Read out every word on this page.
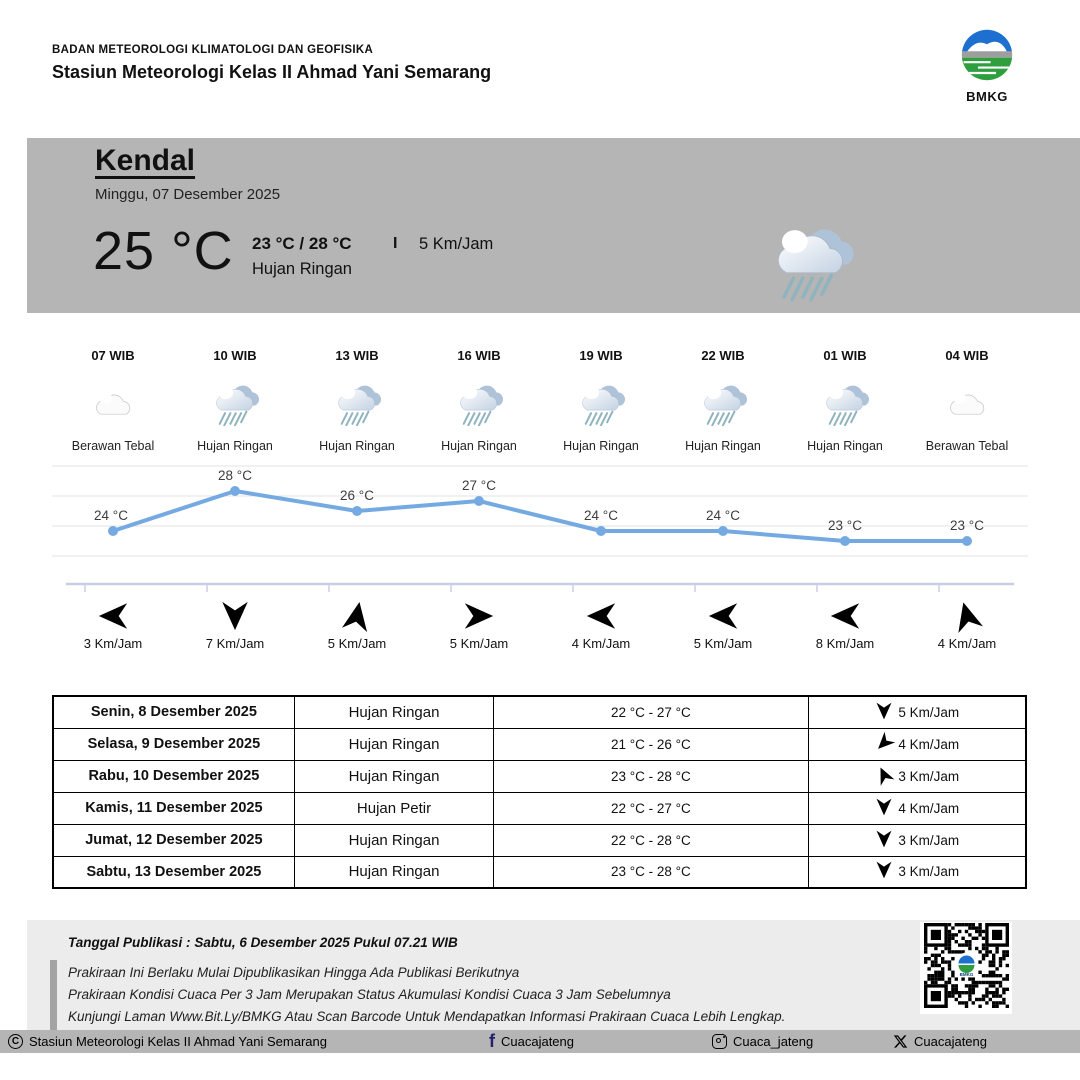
BADAN METEOROLOGI KLIMATOLOGI DAN GEOFISIKA
Stasiun Meteorologi Kelas II Ahmad Yani Semarang
BMKG
Kendal
Minggu, 07 Desember 2025
25 °C 23 °C / 28 °C
Hujan Ringan
I 5 Km/Jam
07 WIB
Berawan Tebal
10 WIB
Hujan Ringan
13 WIB
Hujan Ringan
16 WIB
Hujan Ringan
19 WIB
Hujan Ringan
22 WIB
Hujan Ringan
01 WIB
Hujan Ringan
04 WIB
Berawan Tebal
24 °C
28 °C
26 °C
27 °C
24 °C	24 °C
23 °C	23 °C
3 Km/Jam	7 Km/Jam	5 Km/Jam	5 Km/Jam	4 Km/Jam	5 Km/Jam	8 Km/Jam	4 Km/Jam
Senin, 8 Desember 2025	Hujan Ringan	22 °C - 27 °C	5 Km/Jam

Selasa, 9 Desember 2025	Hujan Ringan	21 °C - 26 °C	4 Km/Jam

Rabu, 10 Desember 2025	Hujan Ringan	23 °C - 28 °C	3 Km/Jam

Kamis, 11 Desember 2025	Hujan Petir	22 °C - 27 °C	4 Km/Jam

Jumat, 12 Desember 2025	Hujan Ringan	22 °C - 28 °C	3 Km/Jam

Sabtu, 13 Desember 2025	Hujan Ringan	23 °C - 28 °C	3 Km/Jam
Tanggal Publikasi : Sabtu, 6 Desember 2025 Pukul 07.21 WIB
Prakiraan Ini Berlaku Mulai Dipublikasikan Hingga Ada Publikasi Berikutnya
Prakiraan Kondisi Cuaca Per 3 Jam Merupakan Status Akumulasi Kondisi Cuaca 3 Jam Sebelumnya
Kunjungi Laman Www.Bit.Ly/BMKG Atau Scan Barcode Untuk Mendapatkan Informasi Prakiraan Cuaca Lebih Lengkap.
BMKG
C Stasiun Meteorologi Kelas II Ahmad Yani Semarang	f Cuacajateng	Cuaca_jateng	Cuacajateng
